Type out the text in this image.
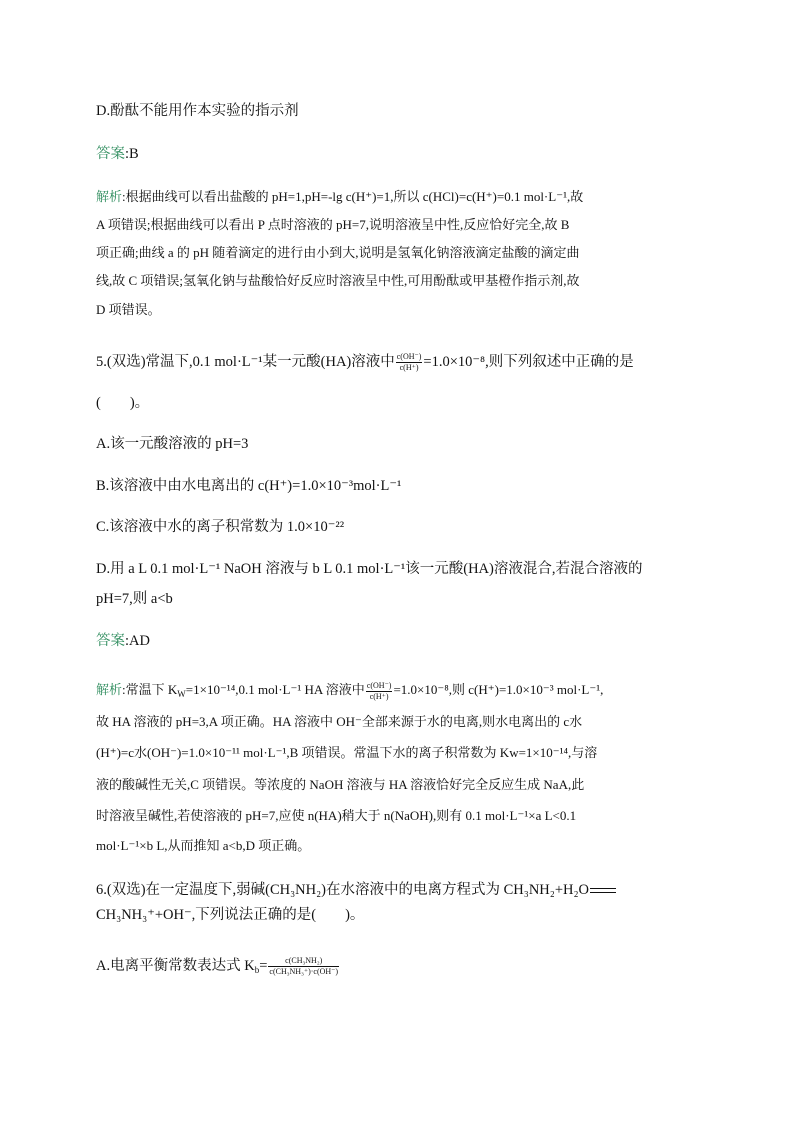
D.酚酞不能用作本实验的指示剂
答案:B
解析:根据曲线可以看出盐酸的 pH=1,pH=-lg c(H⁺)=1,所以 c(HCl)=c(H⁺)=0.1 mol·L⁻¹,故
A 项错误;根据曲线可以看出 P 点时溶液的 pH=7,说明溶液呈中性,反应恰好完全,故 B
项正确;曲线 a 的 pH 随着滴定的进行由小到大,说明是氢氧化钠溶液滴定盐酸的滴定曲
线,故 C 项错误;氢氧化钠与盐酸恰好反应时溶液呈中性,可用酚酞或甲基橙作指示剂,故
D 项错误。
5.(双选)常温下,0.1 mol·L⁻¹某一元酸(HA)溶液中 $\frac{c(OH^-)}{c(H^+)} =1.0\times 10^{-8}$,则下列叙述中正确的是
(　　)。
A.该一元酸溶液的 pH=3
B.该溶液中由水电离出的 c(H⁺)=1.0×10⁻³mol·L⁻¹
C.该溶液中水的离子积常数为 1.0×10⁻²²
D.用 a L 0.1 mol·L⁻¹ NaOH 溶液与 b L 0.1 mol·L⁻¹该一元酸(HA)溶液混合,若混合溶液的
pH=7,则 a<b
答案:AD
解析:常温下 $K_W=1\times 10^{-14},0.1$ mol·L⁻¹ HA 溶液中 $\frac{c(OH^-)}{c(H^+)} =1.0\times 10^{-8}$,则 c(H⁺)=1.0×10⁻³ mol·L⁻¹,
故 HA 溶液的 pH=3,A 项正确。HA 溶液中 OH⁻全部来源于水的电离,则水电离出的 c水
(H⁺)=c水(OH⁻)=1.0×10⁻¹¹ mol·L⁻¹,B 项错误。常温下水的离子积常数为 Kw=1×10⁻¹⁴,与溶
液的酸碱性无关,C 项错误。等浓度的 NaOH 溶液与 HA 溶液恰好完全反应生成 NaA,此
时溶液呈碱性,若使溶液的 pH=7,应使 n(HA)稍大于 n(NaOH),则有 0.1 mol·L⁻¹×a L<0.1
mol·L⁻¹×b L,从而推知 a<b,D 项正确。
6.(双选)在一定温度下,弱碱(CH₃NH₂)在水溶液中的电离方程式为 CH₃NH₂+H₂O
CH₃NH₃⁺+OH⁻,下列说法正确的是(　　)。
A.电离平衡常数表达式 $K_b= \frac{\text{c(CH₃NH₂)}}{\text{c(CH₃NH₃⁺)·c(OH⁻)}}$
